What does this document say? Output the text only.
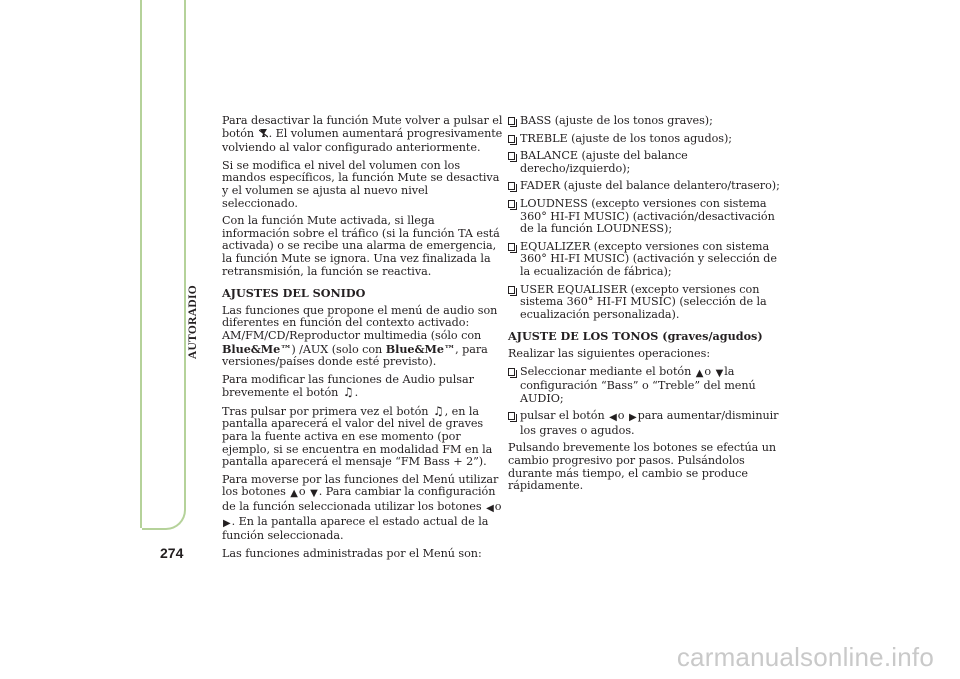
AUTORADIO
274

Para desactivar la función Mute volver a pulsar el botón . El volumen aumentará progresivamente volviendo al valor configurado anteriormente.

Si se modifica el nivel del volumen con los mandos específicos, la función Mute se desactiva y el volumen se ajusta al nuevo nivel seleccionado.

Con la función Mute activada, si llega información sobre el tráfico (si la función TA está activada) o se recibe una alarma de emergencia, la función Mute se ignora. Una vez finalizada la retransmisión, la función se reactiva.

AJUSTES DEL SONIDO

Las funciones que propone el menú de audio son diferentes en función del contexto activado: AM/FM/CD/Reproductor multimedia (sólo con Blue&Me™) /AUX (solo con Blue&Me™, para versiones/países donde esté previsto).

Para modificar las funciones de Audio pulsar brevemente el botón ♫.

Tras pulsar por primera vez el botón ♫, en la pantalla aparecerá el valor del nivel de graves para la fuente activa en ese momento (por ejemplo, si se encuentra en modalidad FM en la pantalla aparecerá el mensaje “FM Bass + 2”).

Para moverse por las funciones del Menú utilizar los botones ▲o ▼. Para cambiar la configuración de la función seleccionada utilizar los botones ◀o ▶. En la pantalla aparece el estado actual de la función seleccionada.

Las funciones administradas por el Menú son:

BASS (ajuste de los tonos graves);
TREBLE (ajuste de los tonos agudos);
BALANCE (ajuste del balance derecho/izquierdo);
FADER (ajuste del balance delantero/trasero);
LOUDNESS (excepto versiones con sistema 360° HI-FI MUSIC) (activación/desactivación de la función LOUDNESS);
EQUALIZER (excepto versiones con sistema 360° HI-FI MUSIC) (activación y selección de la ecualización de fábrica);
USER EQUALISER (excepto versiones con sistema 360° HI-FI MUSIC) (selección de la ecualización personalizada).
AJUSTE DE LOS TONOS (graves/agudos)

Realizar las siguientes operaciones:

Seleccionar mediante el botón ▲o ▼la configuración “Bass” o “Treble” del menú AUDIO;
pulsar el botón ◀o ▶para aumentar/disminuir los graves o agudos.

Pulsando brevemente los botones se efectúa un cambio progresivo por pasos. Pulsándolos durante más tiempo, el cambio se produce rápidamente.

carmanualsonline.info
